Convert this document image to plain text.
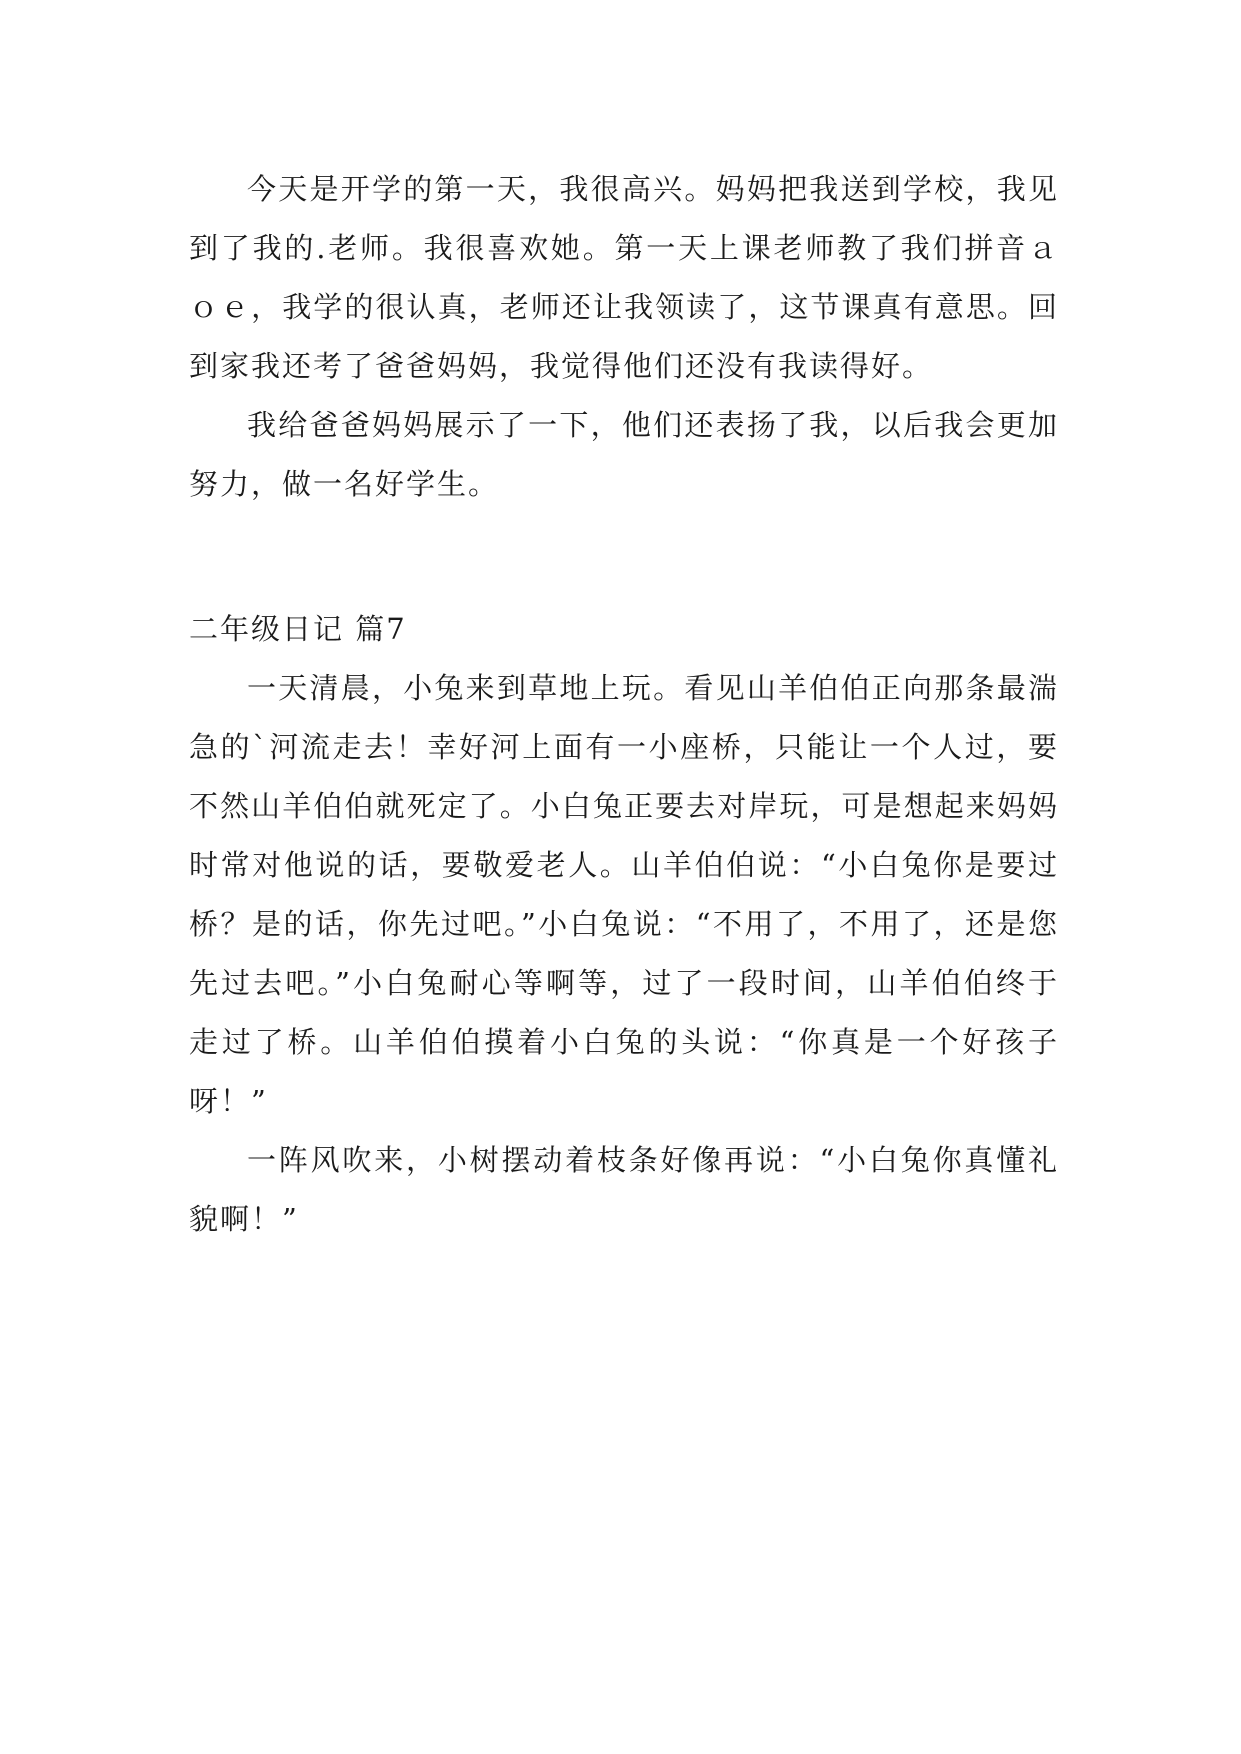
今天是开学的第一天，我很高兴。妈妈把我送到学校，我见到了我的.老师。我很喜欢她。第一天上课老师教了我们拼音ａｏｅ，我学的很认真，老师还让我领读了，这节课真有意思。回到家我还考了爸爸妈妈，我觉得他们还没有我读得好。

我给爸爸妈妈展示了一下，他们还表扬了我，以后我会更加努力，做一名好学生。

二年级日记 篇7

一天清晨，小兔来到草地上玩。看见山羊伯伯正向那条最湍急的`河流走去！幸好河上面有一小座桥，只能让一个人过，要不然山羊伯伯就死定了。小白兔正要去对岸玩，可是想起来妈妈时常对他说的话，要敬爱老人。山羊伯伯说：“小白兔你是要过桥？是的话，你先过吧。”小白兔说：“不用了，不用了，还是您先过去吧。”小白兔耐心等啊等，过了一段时间，山羊伯伯终于走过了桥。山羊伯伯摸着小白兔的头说：“你真是一个好孩子呀！”

一阵风吹来，小树摆动着枝条好像再说：“小白兔你真懂礼貌啊！”
